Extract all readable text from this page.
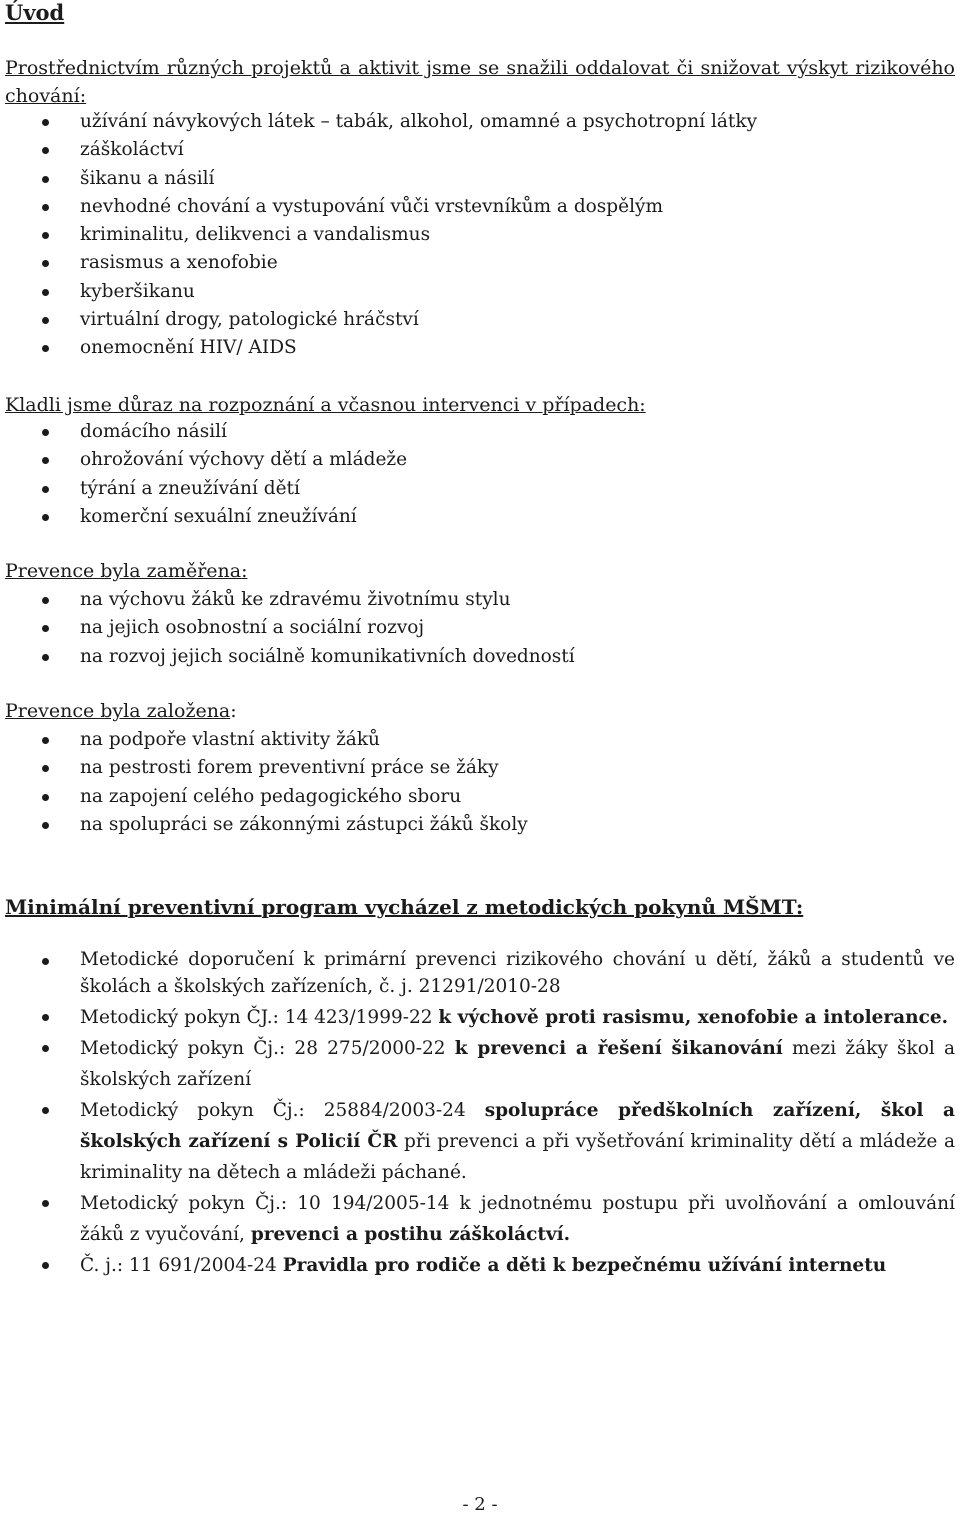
Úvod
Prostřednictvím různých projektů a aktivit jsme se snažili oddalovat či snižovat výskyt rizikového chování:
užívání návykových látek – tabák, alkohol, omamné a psychotropní látky
záškoláctví
šikanu a násilí
nevhodné chování a vystupování vůči vrstevníkům a dospělým
kriminalitu, delikvenci a vandalismus
rasismus a xenofobie
kyberšikanu
virtuální drogy, patologické hráčství
onemocnění HIV/ AIDS
Kladli jsme důraz na rozpoznání a včasnou intervenci v případech:
domácího násilí
ohrožování výchovy dětí a mládeže
týrání a zneužívání dětí
komerční sexuální zneužívání
Prevence byla zaměřena:
na výchovu žáků ke zdravému životnímu stylu
na jejich osobnostní a sociální rozvoj
na rozvoj jejich sociálně komunikativních dovedností
Prevence byla založena:
na podpoře vlastní aktivity žáků
na pestrosti forem preventivní práce se žáky
na zapojení celého pedagogického sboru
na spolupráci se zákonnými zástupci žáků školy
Minimální preventivní program vycházel z metodických pokynů MŠMT:
Metodické doporučení k primární prevenci rizikového chování u dětí, žáků a studentů ve školách a školských zařízeních, č. j. 21291/2010-28
Metodický pokyn ČJ.: 14 423/1999-22 k výchově proti rasismu, xenofobie a intolerance.
Metodický pokyn Čj.: 28 275/2000-22 k prevenci a řešení šikanování mezi žáky škol a školských zařízení
Metodický pokyn Čj.: 25884/2003-24 spolupráce předškolních zařízení, škol a školských zařízení s Policií ČR při prevenci a při vyšetřování kriminality dětí a mládeže a kriminality na dětech a mládeži páchané.
Metodický pokyn Čj.: 10 194/2005-14 k jednotnému postupu při uvolňování a omlouvání žáků z vyučování, prevenci a postihu záškoláctví.
Č. j.: 11 691/2004-24 Pravidla pro rodiče a děti k bezpečnému užívání internetu
- 2 -
